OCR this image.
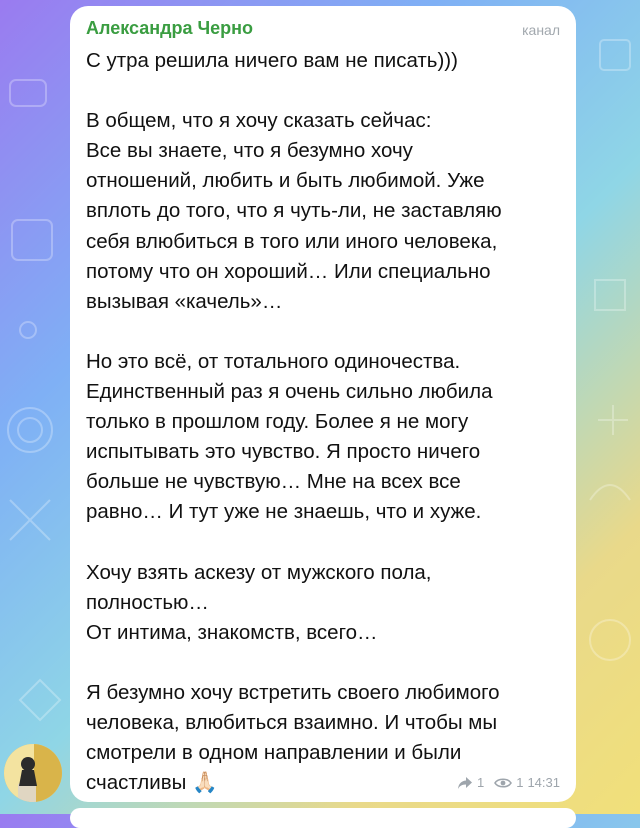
Александра Черно	канал
С утра решила ничего вам не писать)))
В общем, что я хочу сказать сейчас:
Все вы знаете, что я безумно хочу
отношений, любить и быть любимой. Уже
вплоть до того, что я чуть-ли, не заставляю
себя влюбиться в того или иного человека,
потому что он хороший… Или специально
вызывая «качель»…
Но это всё, от тотального одиночества.
Единственный раз я очень сильно любила
только в прошлом году. Более я не могу
испытывать это чувство. Я просто ничего
больше не чувствую… Мне на всех все
равно… И тут уже не знаешь, что и хуже.
Хочу взять аскезу от мужского пола,
полностью…
От интима, знакомств, всего…
Я безумно хочу встретить своего любимого
человека, влюбиться взаимно. И чтобы мы
смотрели в одном направлении и были
счастливы 🙏🏻	1 1 14:31
